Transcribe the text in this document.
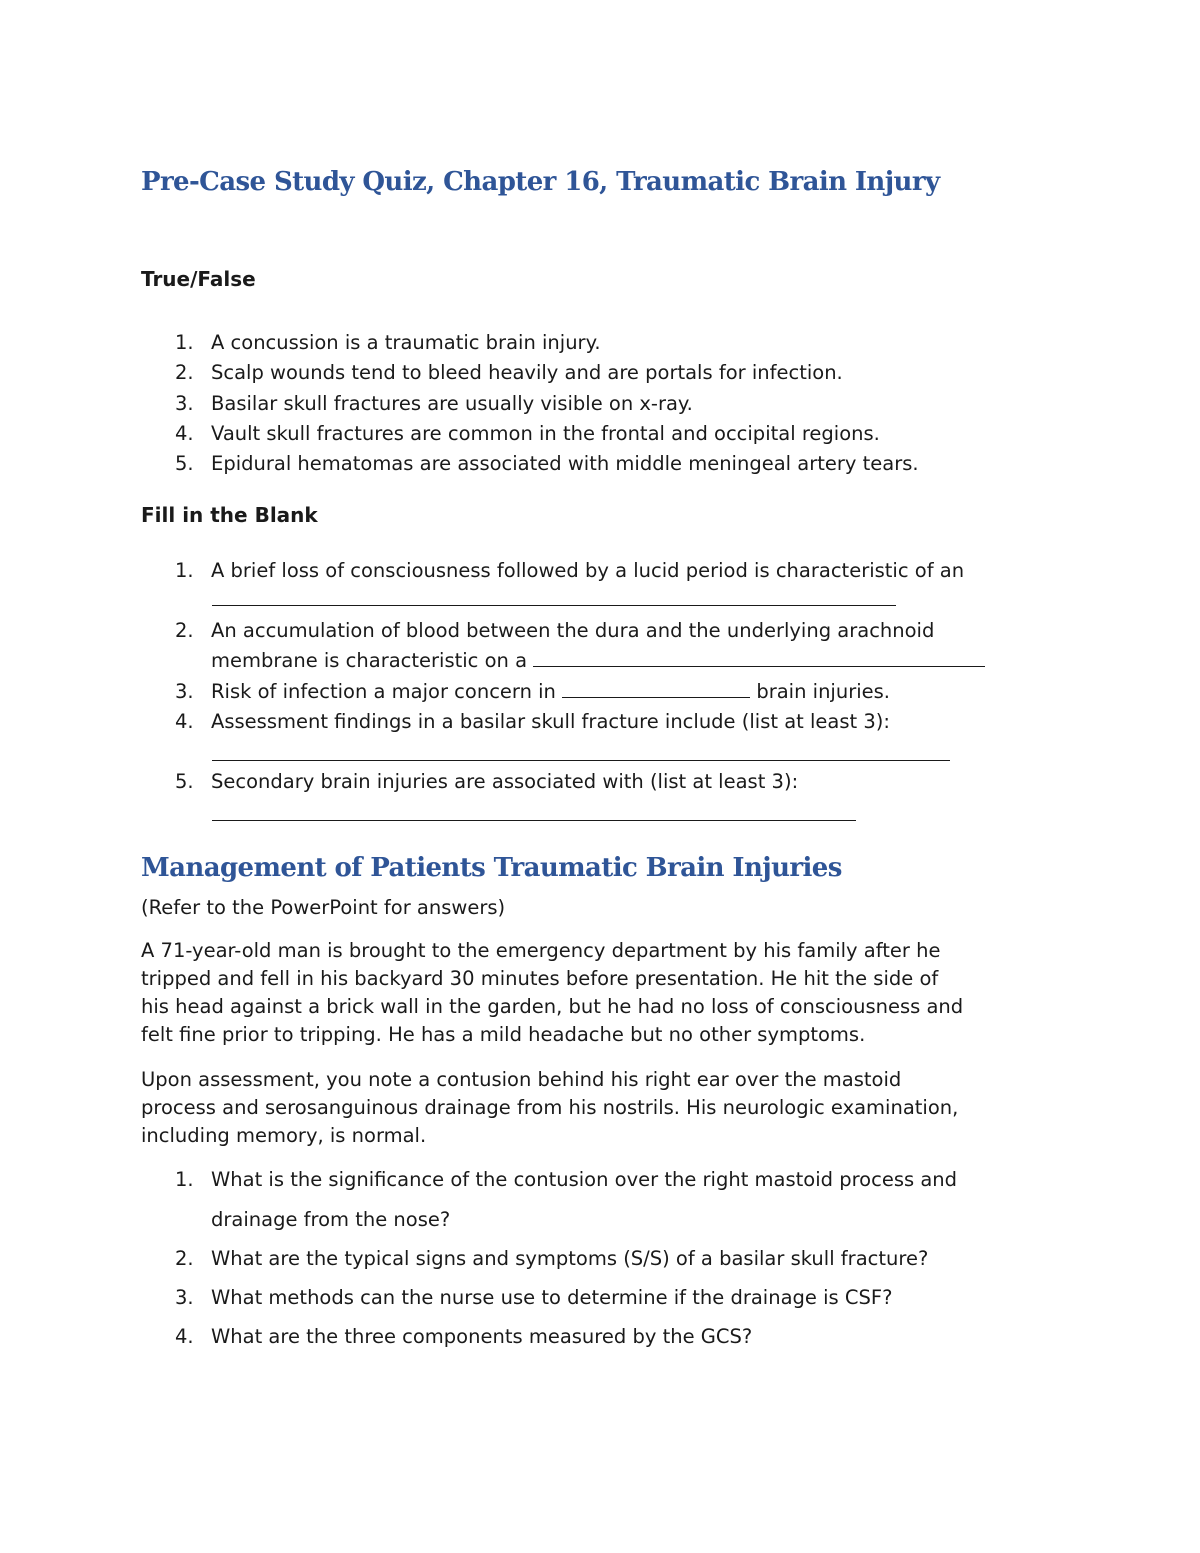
Pre-Case Study Quiz, Chapter 16, Traumatic Brain Injury
True/False
1. A concussion is a traumatic brain injury.
2. Scalp wounds tend to bleed heavily and are portals for infection.
3. Basilar skull fractures are usually visible on x-ray.
4. Vault skull fractures are common in the frontal and occipital regions.
5. Epidural hematomas are associated with middle meningeal artery tears.
Fill in the Blank
1. A brief loss of consciousness followed by a lucid period is characteristic of an
2. An accumulation of blood between the dura and the underlying arachnoid
membrane is characteristic on a
3. Risk of infection a major concern in	brain injuries.
4. Assessment findings in a basilar skull fracture include (list at least 3):
5. Secondary brain injuries are associated with (list at least 3):
Management of Patients Traumatic Brain Injuries

(Refer to the PowerPoint for answers)

A 71-year-old man is brought to the emergency department by his family after he

tripped and fell in his backyard 30 minutes before presentation. He hit the side of

his head against a brick wall in the garden, but he had no loss of consciousness and

felt fine prior to tripping. He has a mild headache but no other symptoms.

Upon assessment, you note a contusion behind his right ear over the mastoid

process and serosanguinous drainage from his nostrils. His neurologic examination,

including memory, is normal.

1. What is the significance of the contusion over the right mastoid process and
drainage from the nose?
2. What are the typical signs and symptoms (S/S) of a basilar skull fracture?
3. What methods can the nurse use to determine if the drainage is CSF?
4. What are the three components measured by the GCS?
